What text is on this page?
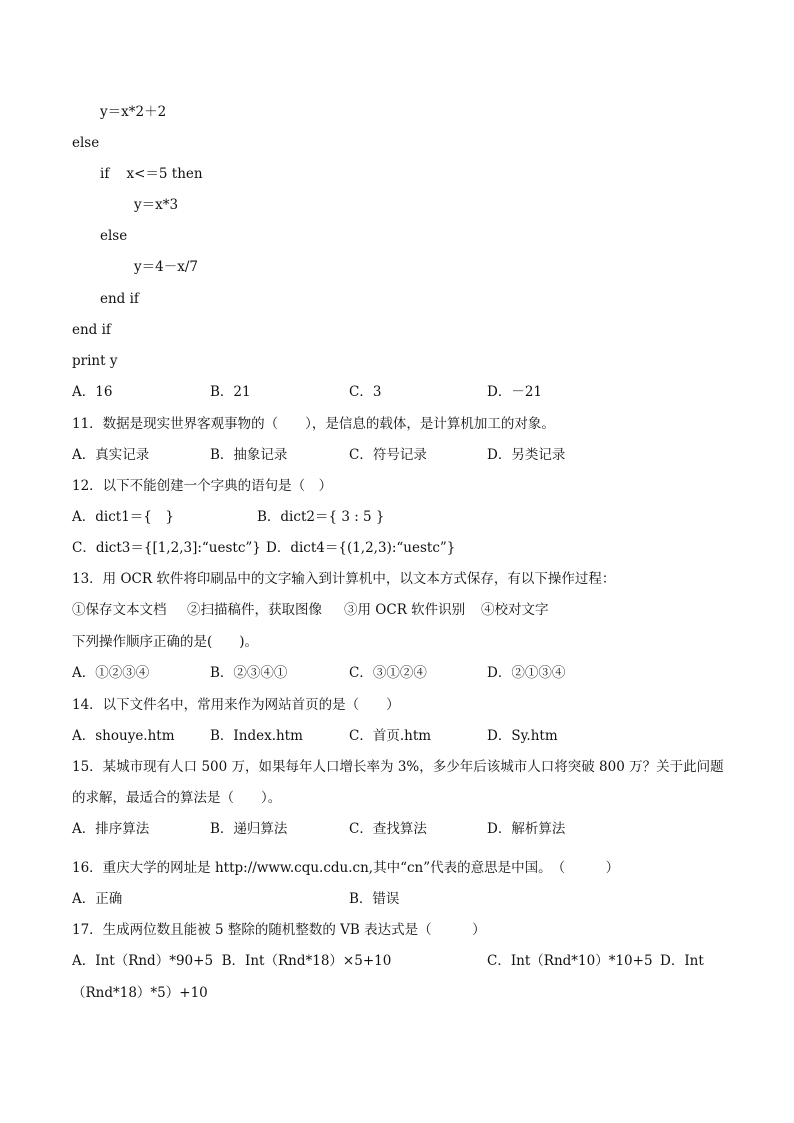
y＝x*2＋2
else
if    x<＝5 then
y＝x*3
else
y＝4－x/7
end if
end if
print y
A．16	B．21	C．3	D．－21
11．数据是现实世界客观事物的（　　），是信息的载体，是计算机加工的对象。
A．真实记录	B．抽象记录	C．符号记录	D．另类记录
12．以下不能创建一个字典的语句是（　）
A．dict1＝{　}	B．dict2＝{ 3 : 5 }
C．dict3＝{[1,2,3]:“uestc”} D．dict4＝{(1,2,3):“uestc”}
13．用 OCR 软件将印刷品中的文字输入到计算机中，以文本方式保存，有以下操作过程：
①保存文本文档 ②扫描稿件，获取图像 ③用 OCR 软件识别 ④校对文字
下列操作顺序正确的是(　　)。
A．①②③④	B．②③④①	C．③①②④	D．②①③④
14．以下文件名中，常用来作为网站首页的是（　　）
A．shouye.htm	B．Index.htm	C．首页.htm	D．Sy.htm
15．某城市现有人口 500 万，如果每年人口增长率为 3%，多少年后该城市人口将突破 800 万？关于此问题
的求解，最适合的算法是（　　）。
A．排序算法	B．递归算法	C．查找算法	D．解析算法
16．重庆大学的网址是 http://www.cqu.cdu.cn,其中“cn”代表的意思是中国。　（　　　）
A．正确	B．错误
17．生成两位数且能被 5 整除的随机整数的 VB 表达式是（　　　）
A．Int（Rnd）*90+5  B．Int（Rnd*18）×5+10	C．Int（Rnd*10）*10+5 D．Int
（Rnd*18）*5）+10
